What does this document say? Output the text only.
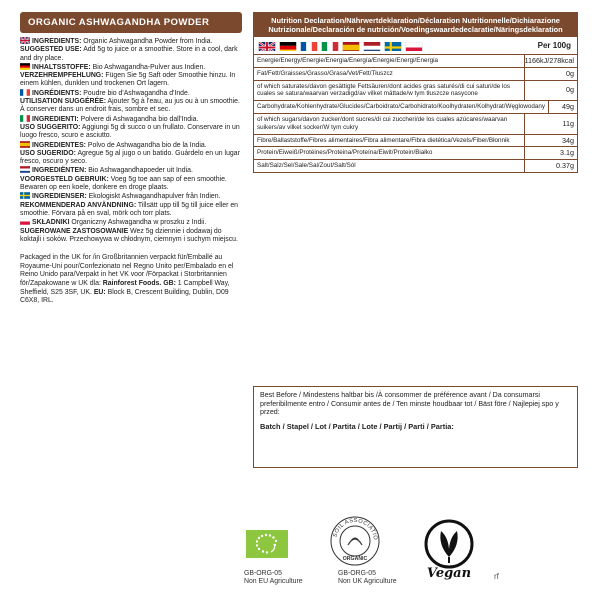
ORGANIC ASHWAGANDHA POWDER

INGREDIENTS: Organic Ashwagandha Powder from India.

SUGGESTED USE: Add 5g to juice or a smoothie. Store in a cool, dark and dry place.

INHALTSSTOFFE: Bio Ashwagandha-Pulver aus Indien.

VERZEHREMPFEHLUNG: Fügen Sie 5g Saft oder Smoothie hinzu. In einem kühlen, dunklen und trockenen Ort lagern.

INGRÉDIENTS: Poudre bio d'Ashwagandha d'Inde.

UTILISATION SUGGÉRÉE: Ajouter 5g à l'eau, au jus ou à un smoothie. À conserver dans un endroit frais, sombre et sec.

INGREDIENTI: Polvere di Ashwagandha bio dall'India.

USO SUGGERITO: Aggiungi 5g di succo o un frullato. Conservare in un luogo fresco, scuro e asciutto.

INGREDIENTES: Polvo de Ashwagandha bio de la India.

USO SUGERIDO: Agregue 5g al jugo o un batido. Guárdelo en un lugar fresco, oscuro y seco.

INGREDIËNTEN: Bio Ashwagandhapoeder uit India.

VOORGESTELD GEBRUIK: Voeg 5g toe aan sap of een smoothie. Bewaren op een koele, donkere en droge plaats.

INGREDIENSER: Ekologiskt Ashwagandhapulver från Indien.

REKOMMENDERAD ANVÄNDNING: Tillsätt upp till 5g till juice eller en smoothie. Förvara på en sval, mörk och torr plats.

SKŁADNIKI Organiczny Ashwagandha w proszku z Indii.

SUGEROWANE ZASTOSOWANIE Wez 5g dziennie i dodawaj do koktajli i soków. Przechowywa w chłodnym, ciemnym i suchym miejscu.

Packaged in the UK for /in Großbritannien verpackt für/Emballé au Royaume-Uni pour/Confezionato nel Regno Unito per/Embalado en el Reino Unido para/Verpakt in het VK voor /Förpackat i Storbritannien för/Zapakowane w UK dla: Rainforest Foods. GB: 1 Campbell Way, Sheffield, S25 3SF, UK. EU: Block B, Crescent Building, Dublin, D09 C6X8, IRL.
Nutrition Declaration/Nährwertdeklaration/Déclaration Nutritionnelle/Dichiarazione
Nutrizionale/Declaración de nutrición/Voedingswaardedeclaratie/Näringsdeklaration
Per 100g
Energie/Energy/Energie/Energia/Energía/Energie/Energi/Energia	1166kJ/278kcal
Fat/Fett/Graisses/Grasso/Grasa/Vet/Fett/Tłuszcz	0g
of which saturates/davon gesättigte Fettsäuren/dont acides gras saturés/di cui saturi/de los cuales se satura/waarvan verzadigd/av vilket mättade/w tym tłuszcze nasycone	0g
Carbohydrate/Kohlenhydrate/Glucides/Carboidrato/Carbohidrato/Koolhydraten/Kolhydrat/Węglowodany	49g
of which sugars/davon zucker/dont sucres/di cui zuccheri/de los cuales azúcares/waarvan suikers/av vilket socker/W tym cukry	11g
Fibre/Ballaststoffe/Fibres alimentaires/Fibra alimentare/Fibra dietética/Vezels/Fiber/Błonnik	34g
Protein/Eiweiß/Protéines/Proteina/Proteína/Eiwit/Protein/Białko	3.1g
Salt/Salz/Sel/Sale/Sal/Zout/Salt/Sól	0.37g
Best Before / Mindestens haltbar bis /À consommer de préférence avant / Da consumarsi preferibilmente entro / Consumir antes de / Ten minste houdbaar tot / Bäst före / Najlepiej spo y przed:
Batch / Stapel / Lot / Partita / Lote / Partij / Parti / Partia:
GB-ORG-05
Non EU Agriculture
SOIL ASSOCIATIO
ORGANIC
GB-ORG-05
Non UK Agriculture
Vegan	rf
